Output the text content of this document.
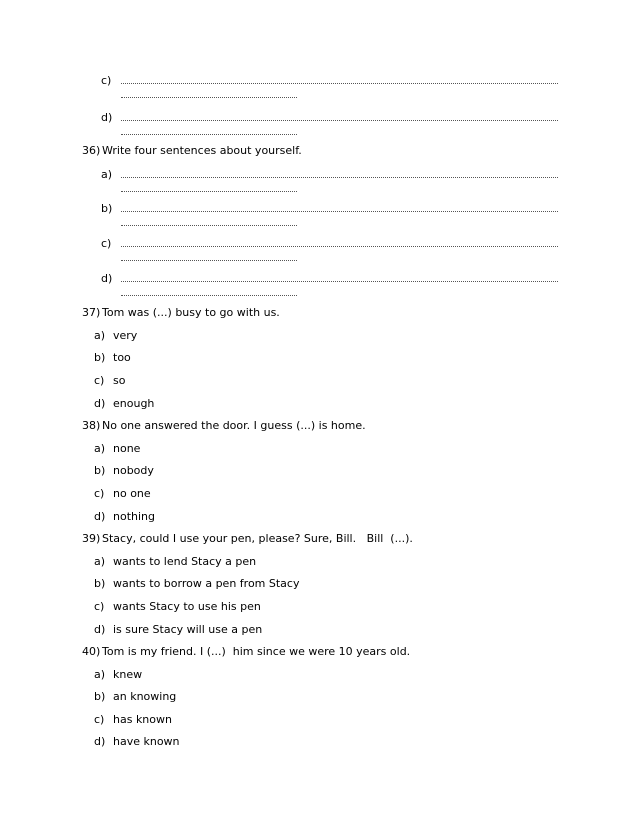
c)
d)
36) Write four sentences about yourself.
a)
b)
c)
d)
37) Tom was (...) busy to go with us.
a) very
b) too
c) so
d) enough
38) No one answered the door. I guess (...) is home.
a) none
b) nobody
c) no one
d) nothing
39) Stacy, could I use your pen, please? Sure, Bill.   Bill  (...).
a) wants to lend Stacy a pen
b) wants to borrow a pen from Stacy
c) wants Stacy to use his pen
d) is sure Stacy will use a pen
40) Tom is my friend. I (...)  him since we were 10 years old.
a) knew
b) an knowing
c) has known
d) have known
